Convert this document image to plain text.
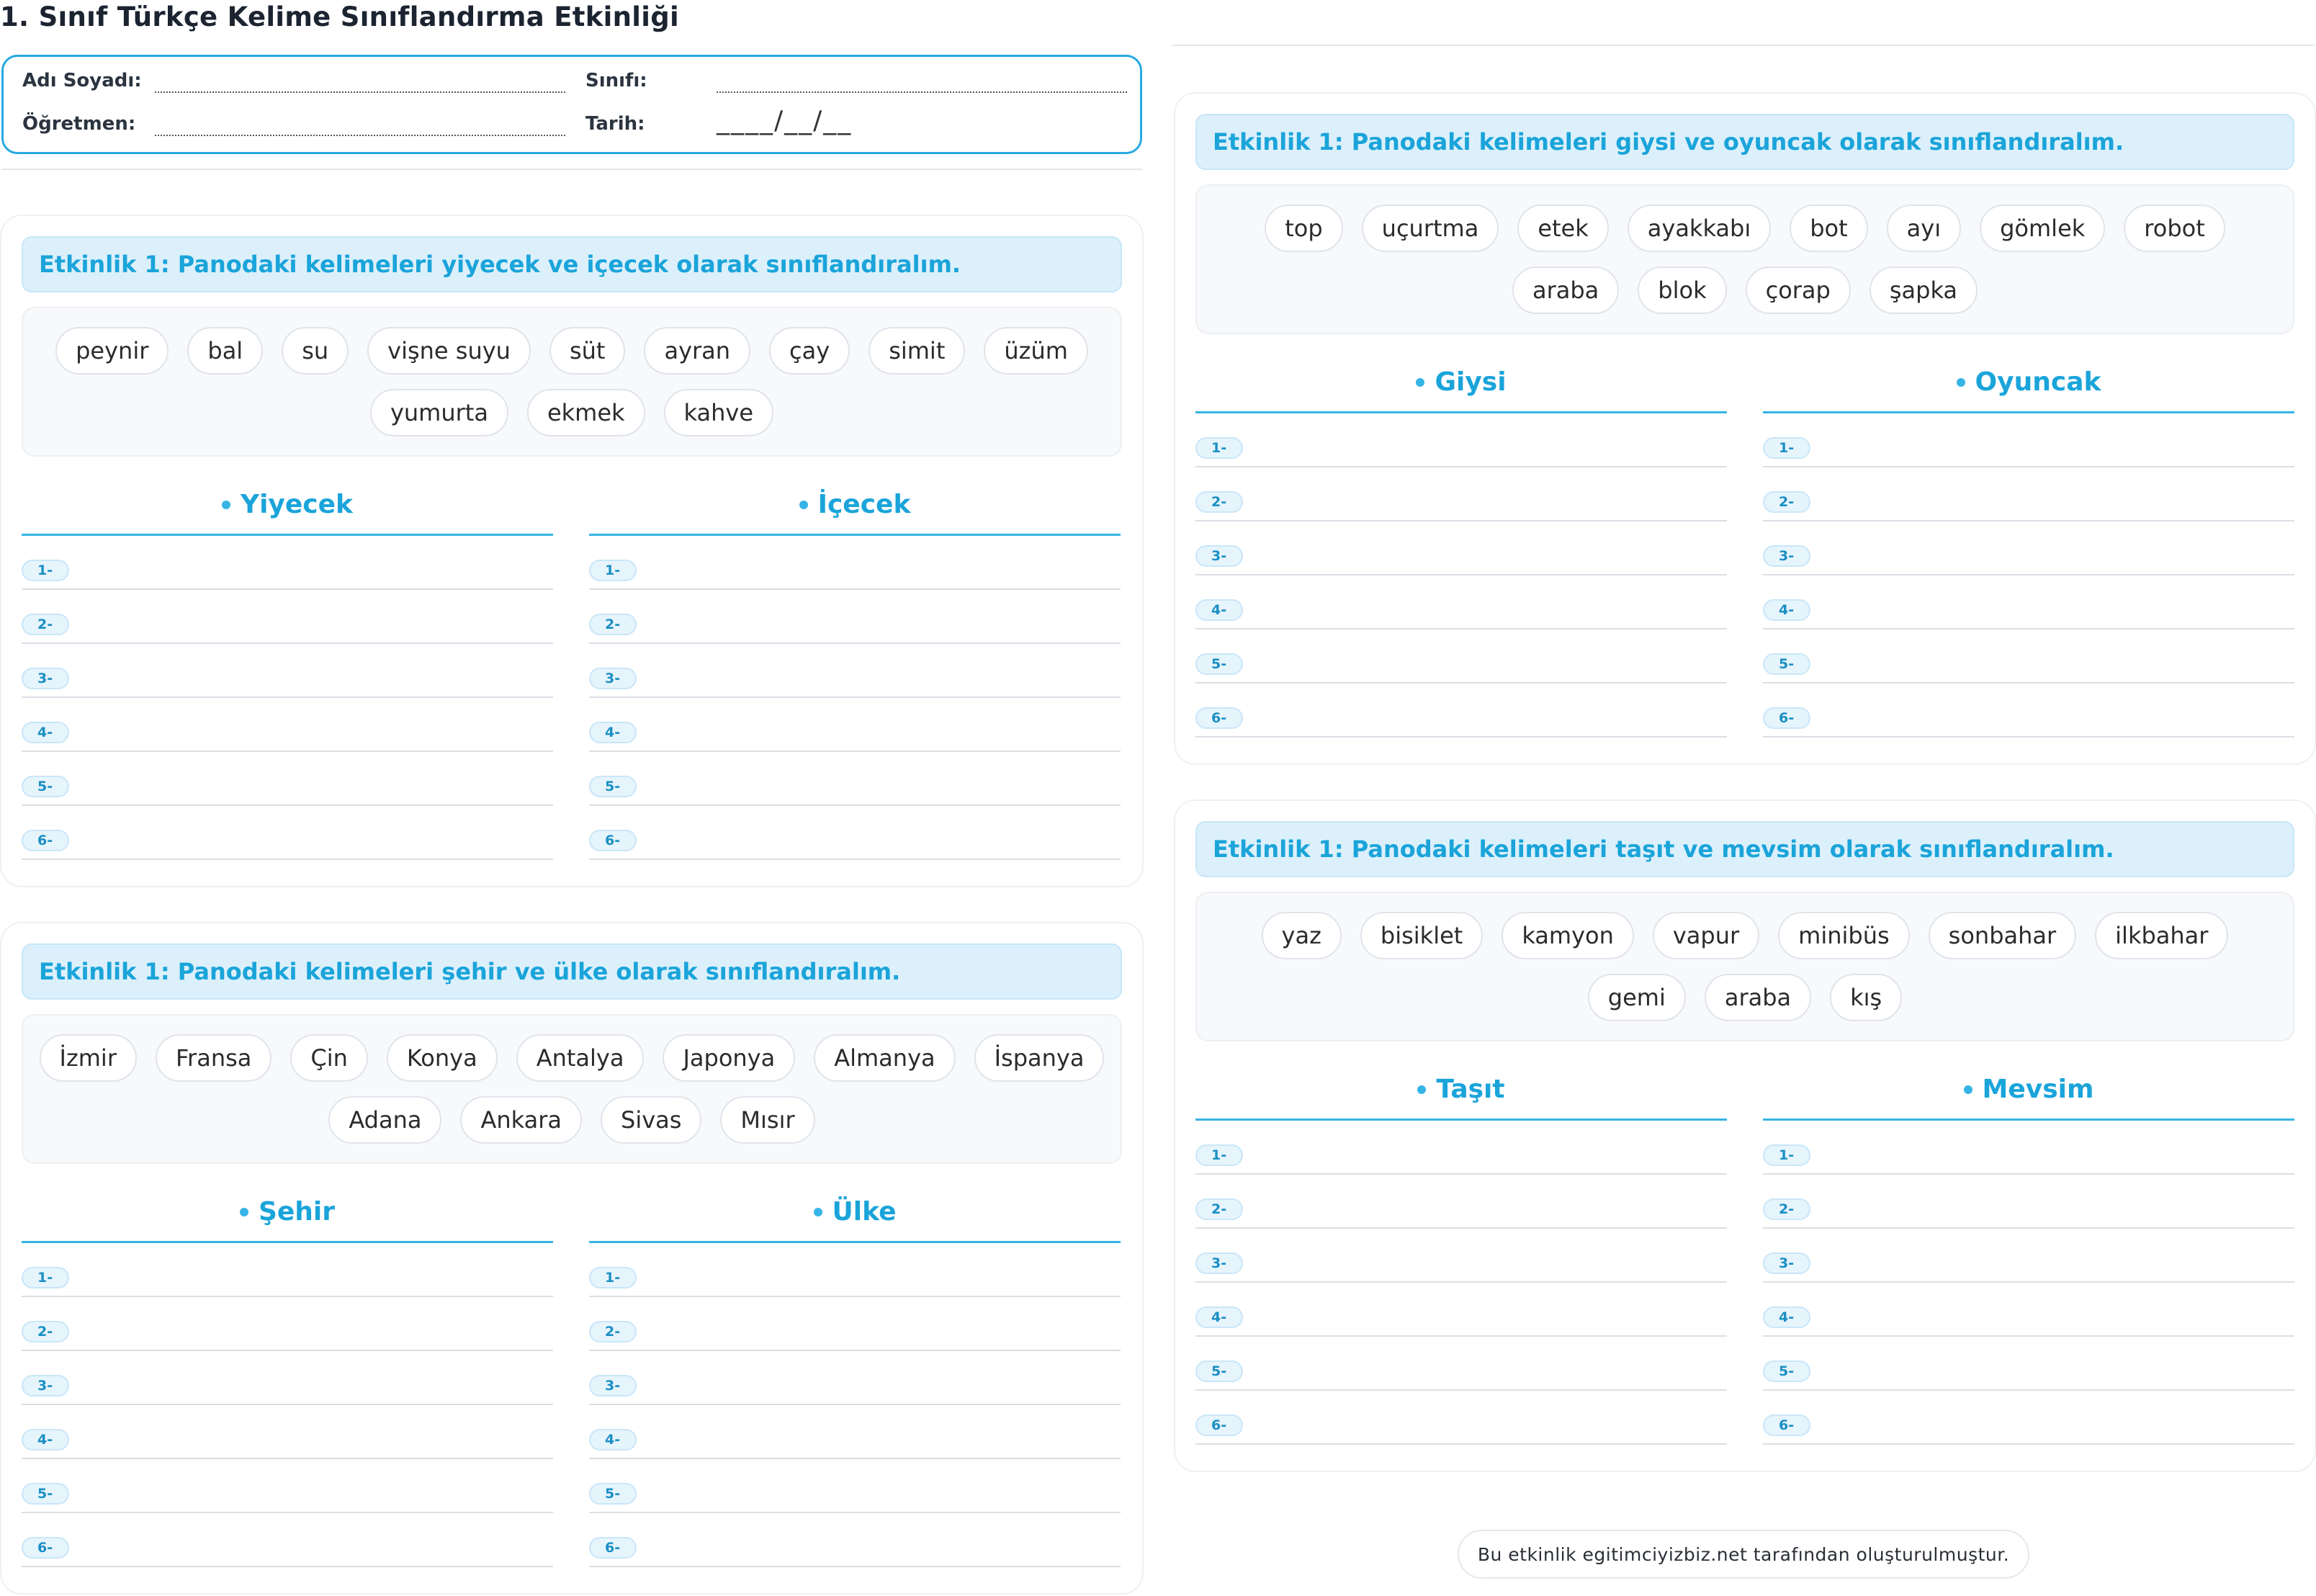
1. Sınıf Türkçe Kelime Sınıflandırma Etkinliği
Adı Soyadı:	Sınıfı:
Öğretmen:	Tarih:	____/__/__
Etkinlik 1: Panodaki kelimeleri yiyecek ve içecek olarak sınıflandıralım.
peynir	bal	su	vişne suyu	süt	ayran	çay	simit	üzüm
yumurta	ekmek	kahve
Yiyecek
1-
2-
3-
4-
5-
6-
İçecek
1-
2-
3-
4-
5-
6-
Etkinlik 1: Panodaki kelimeleri şehir ve ülke olarak sınıflandıralım.
İzmir	Fransa	Çin	Konya	Antalya	Japonya	Almanya	İspanya
Adana	Ankara	Sivas	Mısır
Şehir
1-
2-
3-
4-
5-
6-
Ülke
1-
2-
3-
4-
5-
6-
Etkinlik 1: Panodaki kelimeleri giysi ve oyuncak olarak sınıflandıralım.
top	uçurtma	etek	ayakkabı	bot	ayı	gömlek	robot
araba	blok	çorap	şapka
Giysi
1-
2-
3-
4-
5-
6-
Oyuncak
1-
2-
3-
4-
5-
6-
Etkinlik 1: Panodaki kelimeleri taşıt ve mevsim olarak sınıflandıralım.
yaz	bisiklet	kamyon	vapur	minibüs	sonbahar	ilkbahar
gemi	araba	kış
Taşıt
1-
2-
3-
4-
5-
6-
Mevsim
1-
2-
3-
4-
5-
6-
Bu etkinlik egitimciyizbiz.net tarafından oluşturulmuştur.
